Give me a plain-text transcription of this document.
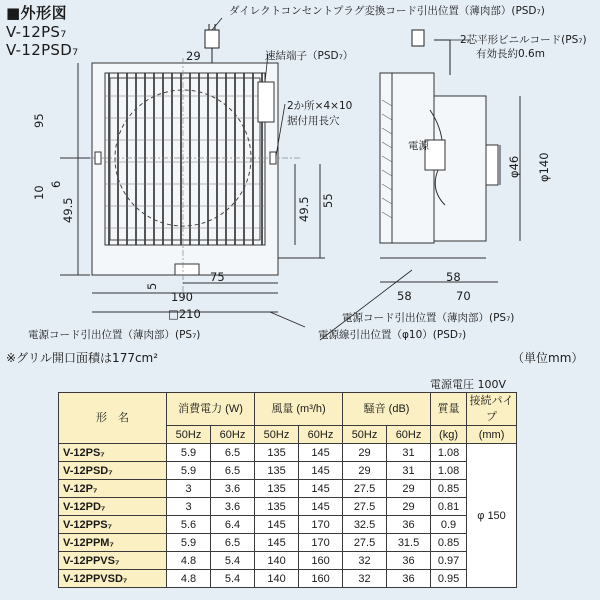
■外形図
V-12PS₇
V-12PSD₇
ダイレクトコンセントプラグ変換コード引出位置（薄肉部）(PSD₇)
2芯平形ビニルコード(PS₇)
有効長約0.6m
速結端子（PSD₇）
2か所×4×10
据付用長穴
電源
電源コード引出位置（薄肉部）(PS₇)
電源線引出位置（φ10）(PSD₇)
電源コード引出位置（薄肉部）(PS₇)
※グリル開口面積は177cm²	（単位mm）
電源電圧 100V
29
95
10
6
49.5	49.5 55
5
75
190
□210
φ46 φ140
58
58	70
形　名	消費電力 (W)		風量 (m³/h)		騒音 (dB)		質量	接続パイプ
	50Hz	60Hz	50Hz	60Hz	50Hz	60Hz	(kg)	(mm)
V-12PS₇	5.9	6.5	135	145	29	31	1.08	φ 150
V-12PSD₇	5.9	6.5	135	145	29	31	1.08	
V-12P₇	3	3.6	135	145	27.5	29	0.85	
V-12PD₇	3	3.6	135	145	27.5	29	0.81	
V-12PPS₇	5.6	6.4	145	170	32.5	36	0.9	
V-12PPM₇	5.9	6.5	145	170	27.5	31.5	0.85	
V-12PPVS₇	4.8	5.4	140	160	32	36	0.97	
V-12PPVSD₇	4.8	5.4	140	160	32	36	0.95	
